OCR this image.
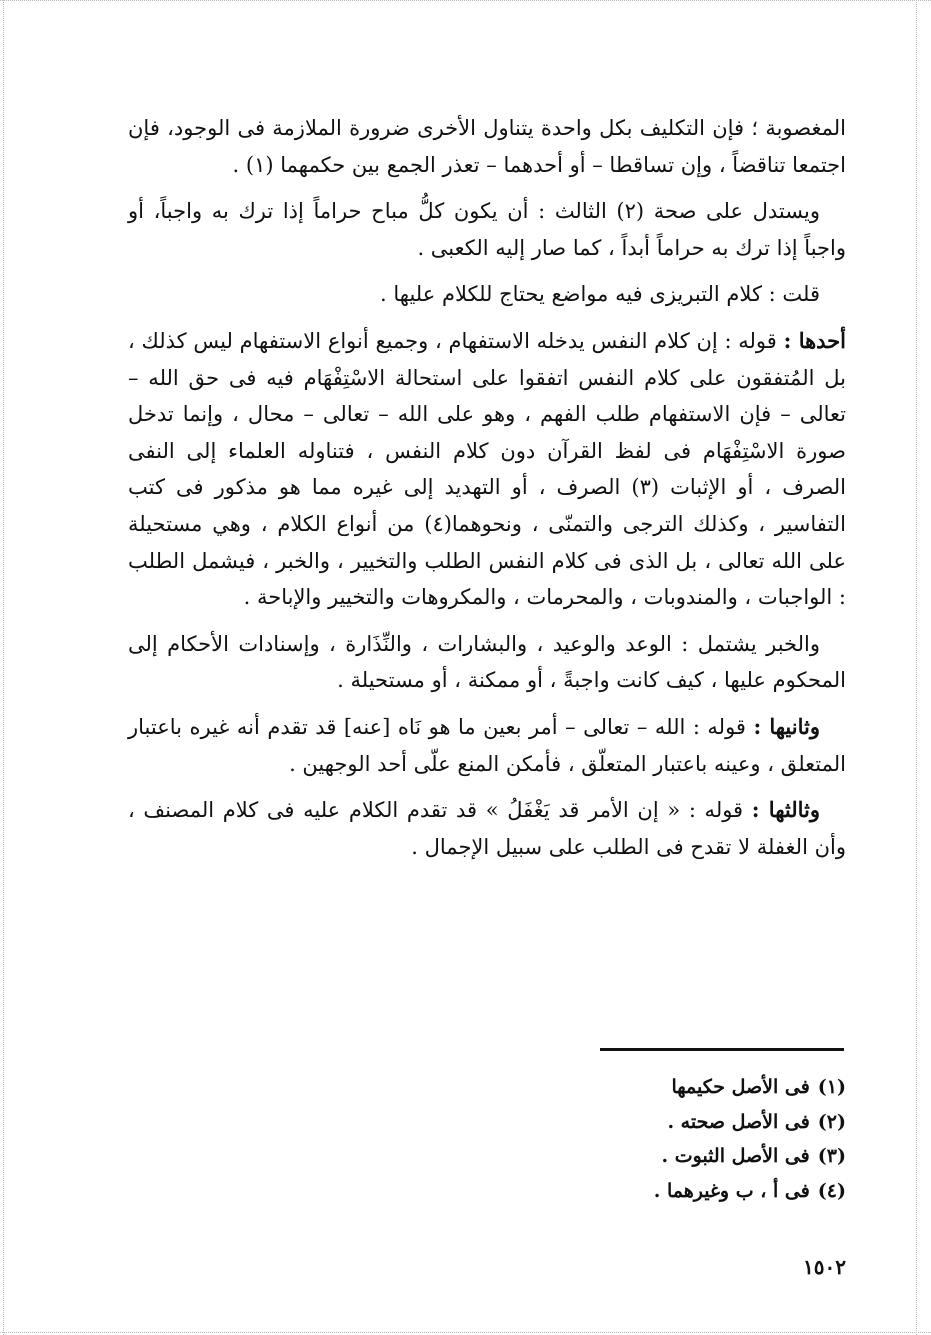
المغصوبة ؛ فإن التكليف بكل واحدة يتناول الأخرى ضرورة الملازمة فى الوجود، فإن اجتمعا تناقضاً ، وإن تساقطا – أو أحدهما – تعذر الجمع بين حكمهما (١) .

ويستدل على صحة (٢) الثالث : أن يكون كلُّ مباح حراماً إذا ترك به واجباً، أو واجباً إذا ترك به حراماً أبداً ، كما صار إليه الكعبى .

قلت : كلام التبريزى فيه مواضع يحتاج للكلام عليها .

أحدها : قوله : إن كلام النفس يدخله الاستفهام ، وجميع أنواع الاستفهام ليس كذلك ، بل المُتفقون على كلام النفس اتفقوا على استحالة الاسْتِفْهَام فيه فى حق الله – تعالى – فإن الاستفهام طلب الفهم ، وهو على الله – تعالى – محال ، وإنما تدخل صورة الاسْتِفْهَام فى لفظ القرآن دون كلام النفس ، فتناوله العلماء إلى النفى الصرف ، أو الإثبات (٣) الصرف ، أو التهديد إلى غيره مما هو مذكور فى كتب التفاسير ، وكذلك الترجى والتمنّى ، ونحوهما(٤) من أنواع الكلام ، وهي مستحيلة على الله تعالى ، بل الذى فى كلام النفس الطلب والتخيير ، والخبر ، فيشمل الطلب : الواجبات ، والمندوبات ، والمحرمات ، والمكروهات والتخيير والإباحة .

والخبر يشتمل : الوعد والوعيد ، والبشارات ، والنِّذَارة ، وإسنادات الأحكام إلى المحكوم عليها ، كيف كانت واجبةً ، أو ممكنة ، أو مستحيلة .

وثانيها : قوله : الله – تعالى – أمر بعين ما هو نَاه [عنه] قد تقدم أنه غيره باعتبار المتعلق ، وعينه باعتبار المتعلّق ، فأمكن المنع علّى أحد الوجهين .

وثالثها : قوله : « إن الأمر قد يَغْفَلُ » قد تقدم الكلام عليه فى كلام المصنف ، وأن الغفلة لا تقدح فى الطلب على سبيل الإجمال .

(١)فى الأصل حكيمها
(٢)فى الأصل صحته .
(٣)فى الأصل الثبوت .
(٤)فى أ ، ب وغيرهما .
١٥٠٢
